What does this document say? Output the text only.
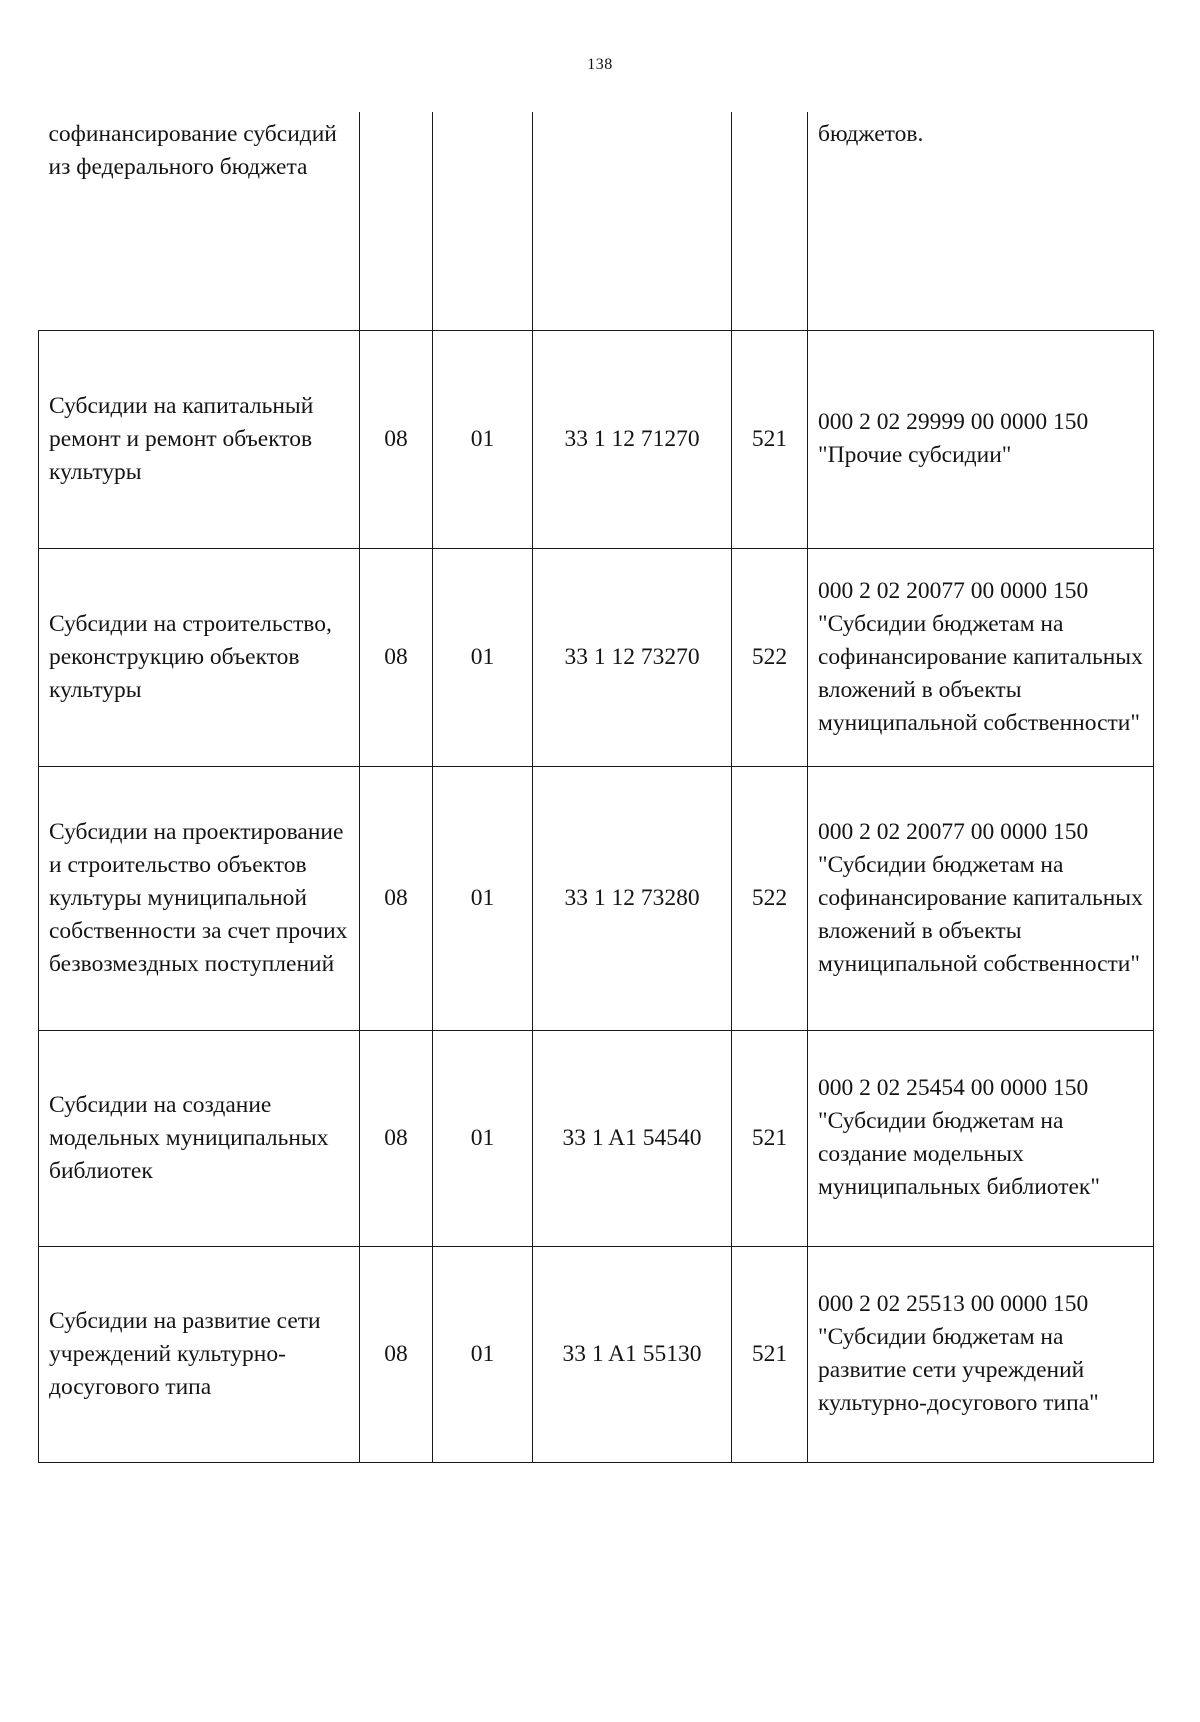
138
софинансирование субсидий из федерального бюджета					бюджетов.
Субсидии на капитальный ремонт и ремонт объектов культуры	08	01	33 1 12 71270	521	000 2 02 29999 00 0000 150 "Прочие субсидии"
Субсидии на строительство, реконструкцию объектов культуры	08	01	33 1 12 73270	522	000 2 02 20077 00 0000 150 "Субсидии бюджетам на софинансирование капитальных вложений в объекты муниципальной собственности"
Субсидии на проектирование и строительство объектов культуры муниципальной собственности за счет прочих безвозмездных поступлений	08	01	33 1 12 73280	522	000 2 02 20077 00 0000 150 "Субсидии бюджетам на софинансирование капитальных вложений в объекты муниципальной собственности"
Субсидии на создание модельных муниципальных библиотек	08	01	33 1 A1 54540	521	000 2 02 25454 00 0000 150 "Субсидии бюджетам на создание модельных муниципальных библиотек"
Субсидии на развитие сети учреждений культурно-досугового типа	08	01	33 1 A1 55130	521	000 2 02 25513 00 0000 150 "Субсидии бюджетам на развитие сети учреждений культурно-досугового типа"
